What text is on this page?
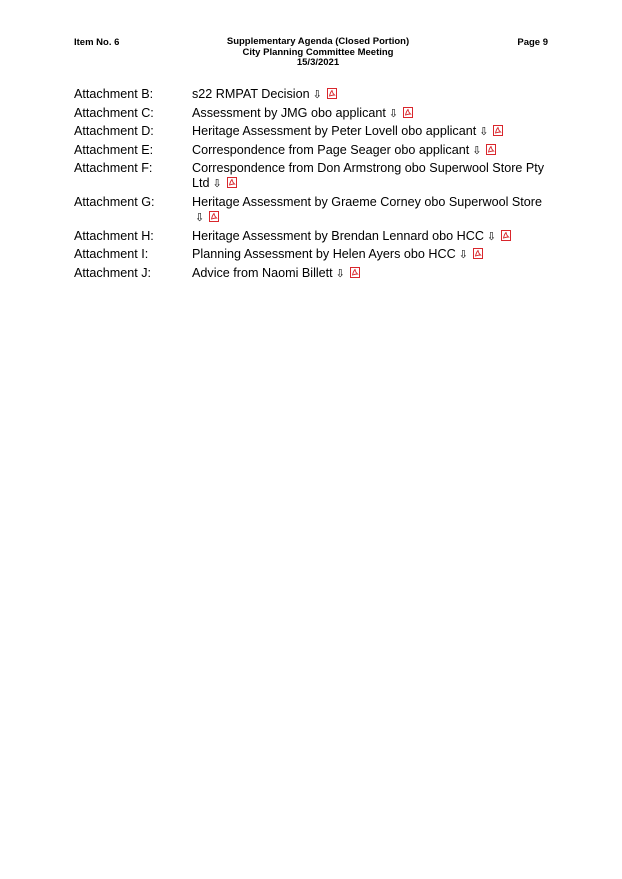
Item No. 6	Supplementary Agenda (Closed Portion)
City Planning Committee Meeting
15/3/2021
Page 9
Attachment B:	s22 RMPAT Decision ⇩
Attachment C:	Assessment by JMG obo applicant ⇩
Attachment D:	Heritage Assessment by Peter Lovell obo applicant ⇩
Attachment E:	Correspondence from Page Seager obo applicant ⇩
Attachment F:	Correspondence from Don Armstrong obo Superwool Store Pty Ltd ⇩
Attachment G:	Heritage Assessment by Graeme Corney obo Superwool Store⇩
Attachment H:	Heritage Assessment by Brendan Lennard obo HCC ⇩
Attachment I:	Planning Assessment by Helen Ayers obo HCC ⇩
Attachment J:	Advice from Naomi Billett ⇩
